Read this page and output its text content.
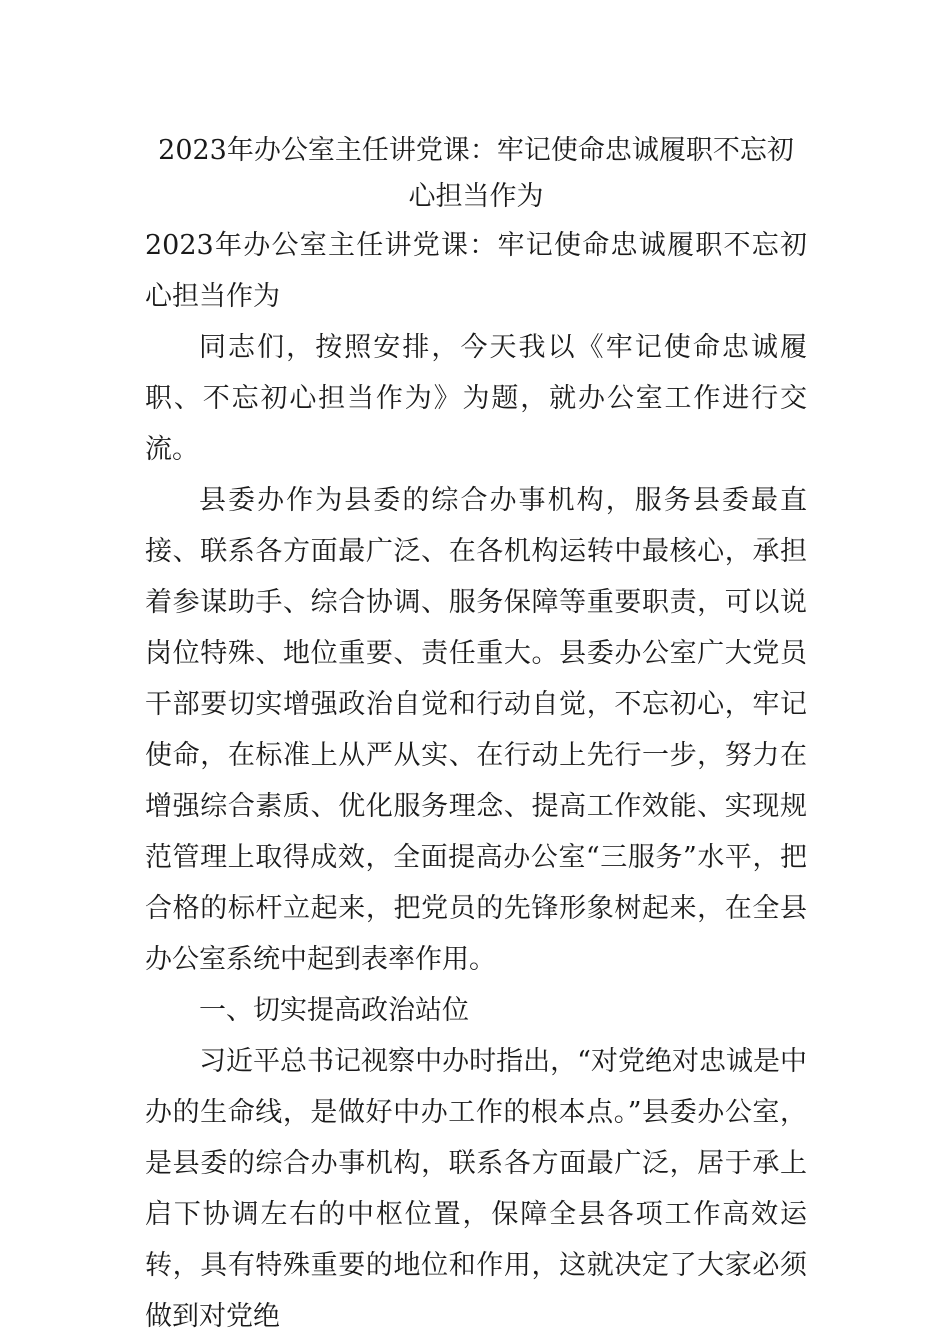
2023年办公室主任讲党课：牢记使命忠诚履职不忘初心担当作为
2023年办公室主任讲党课：牢记使命忠诚履职不忘初心担当作为

同志们，按照安排，今天我以《牢记使命忠诚履职、不忘初心担当作为》为题，就办公室工作进行交流。

县委办作为县委的综合办事机构，服务县委最直接、联系各方面最广泛、在各机构运转中最核心，承担着参谋助手、综合协调、服务保障等重要职责，可以说岗位特殊、地位重要、责任重大。县委办公室广大党员干部要切实增强政治自觉和行动自觉，不忘初心，牢记使命，在标准上从严从实、在行动上先行一步，努力在增强综合素质、优化服务理念、提高工作效能、实现规范管理上取得成效，全面提高办公室“三服务”水平，把合格的标杆立起来，把党员的先锋形象树起来，在全县办公室系统中起到表率作用。

一、切实提高政治站位

习近平总书记视察中办时指出，“对党绝对忠诚是中办的生命线，是做好中办工作的根本点。”县委办公室，是县委的综合办事机构，联系各方面最广泛，居于承上启下协调左右的中枢位置，保障全县各项工作高效运转，具有特殊重要的地位和作用，这就决定了大家必须做到对党绝
